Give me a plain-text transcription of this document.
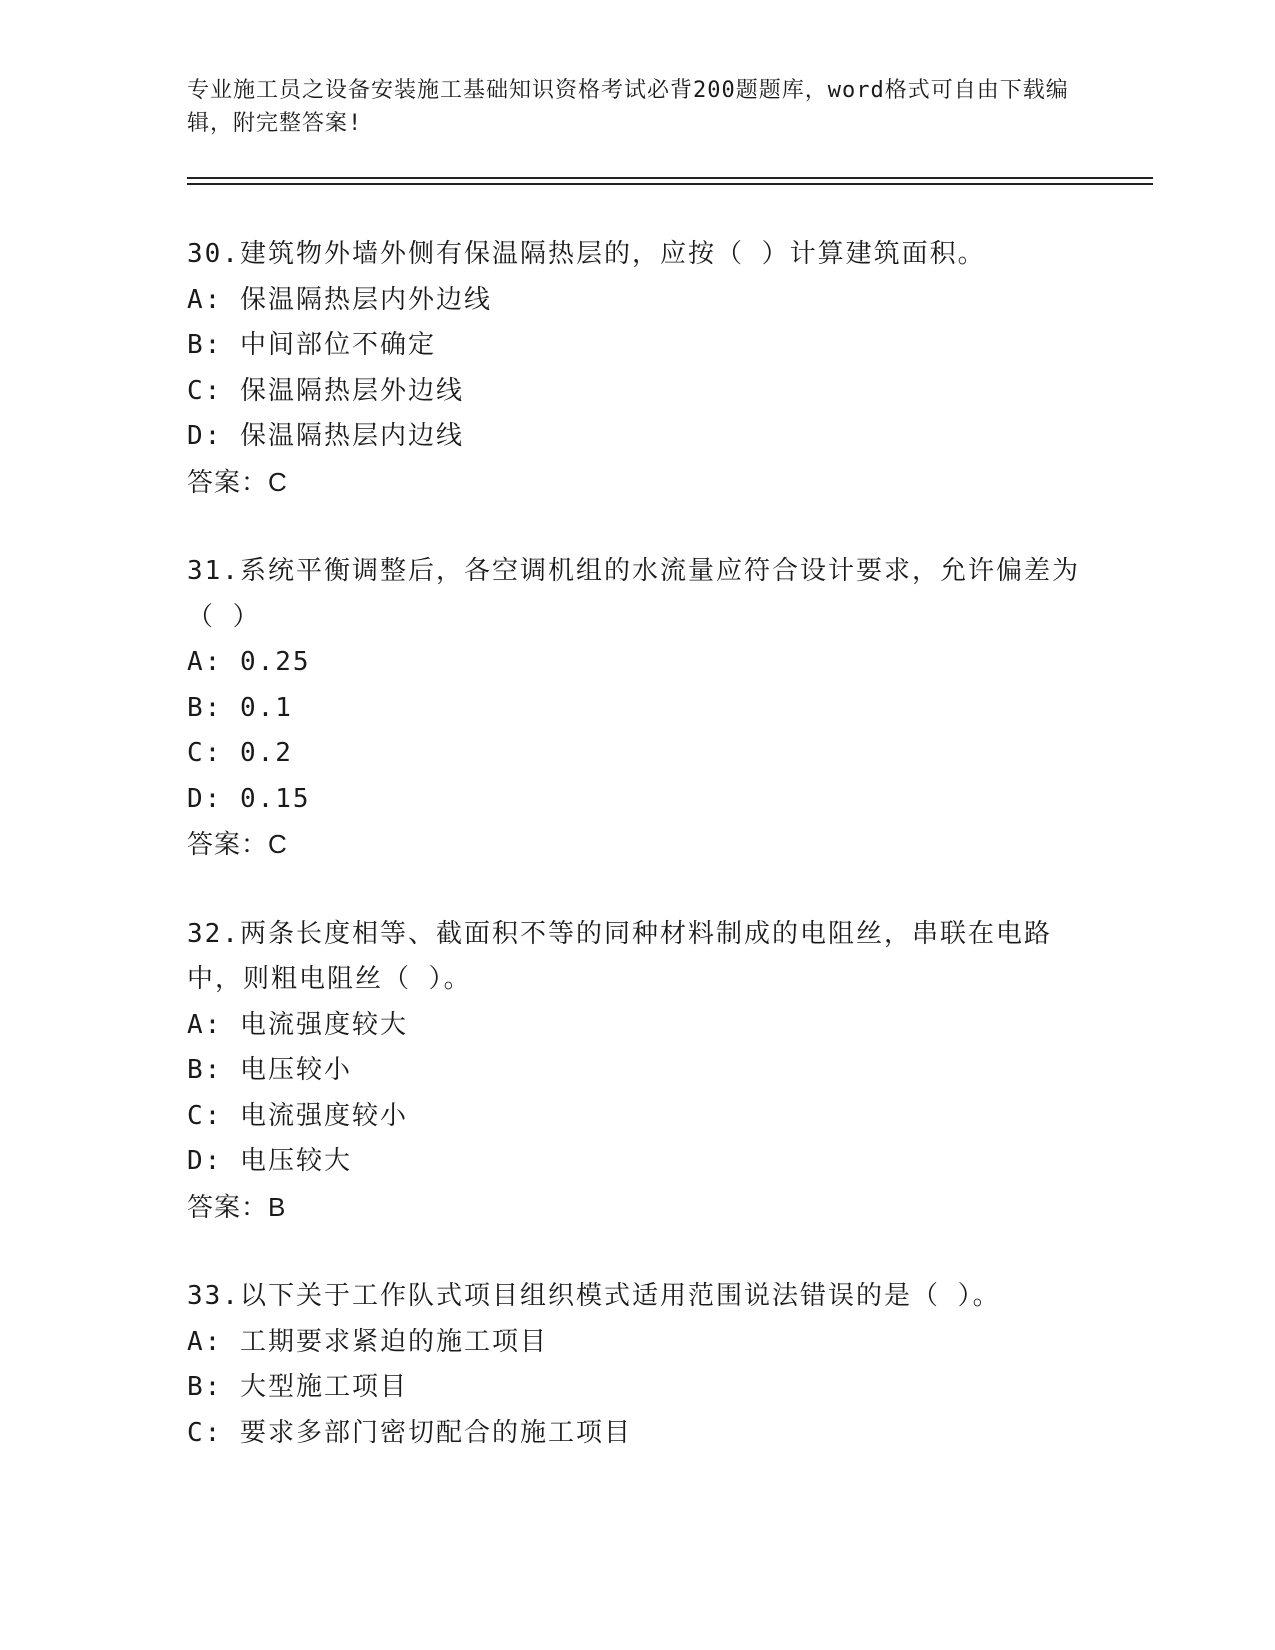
专业施工员之设备安装施工基础知识资格考试必背200题题库，word格式可自由下载编辑，附完整答案!
30.建筑物外墙外侧有保温隔热层的，应按（ ）计算建筑面积。
A: 保温隔热层内外边线
B: 中间部位不确定
C: 保温隔热层外边线
D: 保温隔热层内边线
答案：C
31.系统平衡调整后，各空调机组的水流量应符合设计要求，允许偏差为（ ）
A: 0.25
B: 0.1
C: 0.2
D: 0.15
答案：C
32.两条长度相等、截面积不等的同种材料制成的电阻丝，串联在电路中，则粗电阻丝（ ）。
A: 电流强度较大
B: 电压较小
C: 电流强度较小
D: 电压较大
答案：B
33.以下关于工作队式项目组织模式适用范围说法错误的是（ ）。
A: 工期要求紧迫的施工项目
B: 大型施工项目
C: 要求多部门密切配合的施工项目
